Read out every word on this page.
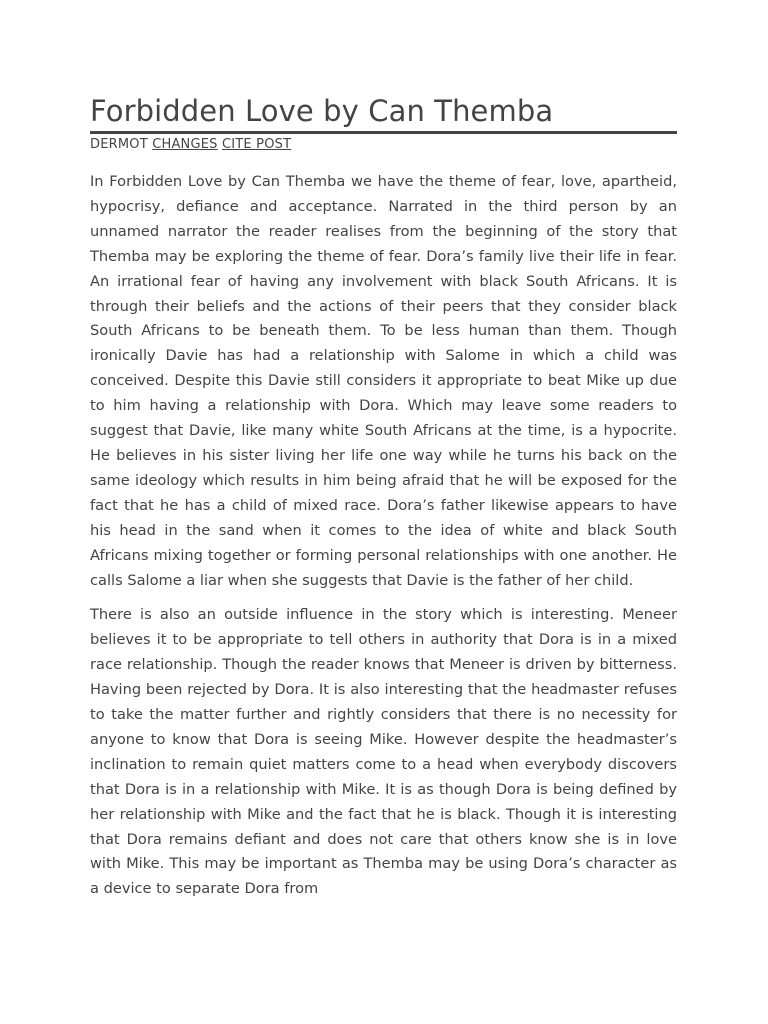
Forbidden Love by Can Themba
DERMOT CHANGES CITE POST

In Forbidden Love by Can Themba we have the theme of fear, love, apartheid, hypocrisy, defiance and acceptance. Narrated in the third person by an unnamed narrator the reader realises from the beginning of the story that Themba may be exploring the theme of fear. Dora’s family live their life in fear. An irrational fear of having any involvement with black South Africans. It is through their beliefs and the actions of their peers that they consider black South Africans to be beneath them. To be less human than them. Though ironically Davie has had a relationship with Salome in which a child was conceived. Despite this Davie still considers it appropriate to beat Mike up due to him having a relationship with Dora. Which may leave some readers to suggest that Davie, like many white South Africans at the time, is a hypocrite. He believes in his sister living her life one way while he turns his back on the same ideology which results in him being afraid that he will be exposed for the fact that he has a child of mixed race. Dora’s father likewise appears to have his head in the sand when it comes to the idea of white and black South Africans mixing together or forming personal relationships with one another. He calls Salome a liar when she suggests that Davie is the father of her child.

There is also an outside influence in the story which is interesting. Meneer believes it to be appropriate to tell others in authority that Dora is in a mixed race relationship. Though the reader knows that Meneer is driven by bitterness. Having been rejected by Dora. It is also interesting that the headmaster refuses to take the matter further and rightly considers that there is no necessity for anyone to know that Dora is seeing Mike. However despite the headmaster’s inclination to remain quiet matters come to a head when everybody discovers that Dora is in a relationship with Mike. It is as though Dora is being defined by her relationship with Mike and the fact that he is black. Though it is interesting that Dora remains defiant and does not care that others know she is in love with Mike. This may be important as Themba may be using Dora’s character as a device to separate Dora from
